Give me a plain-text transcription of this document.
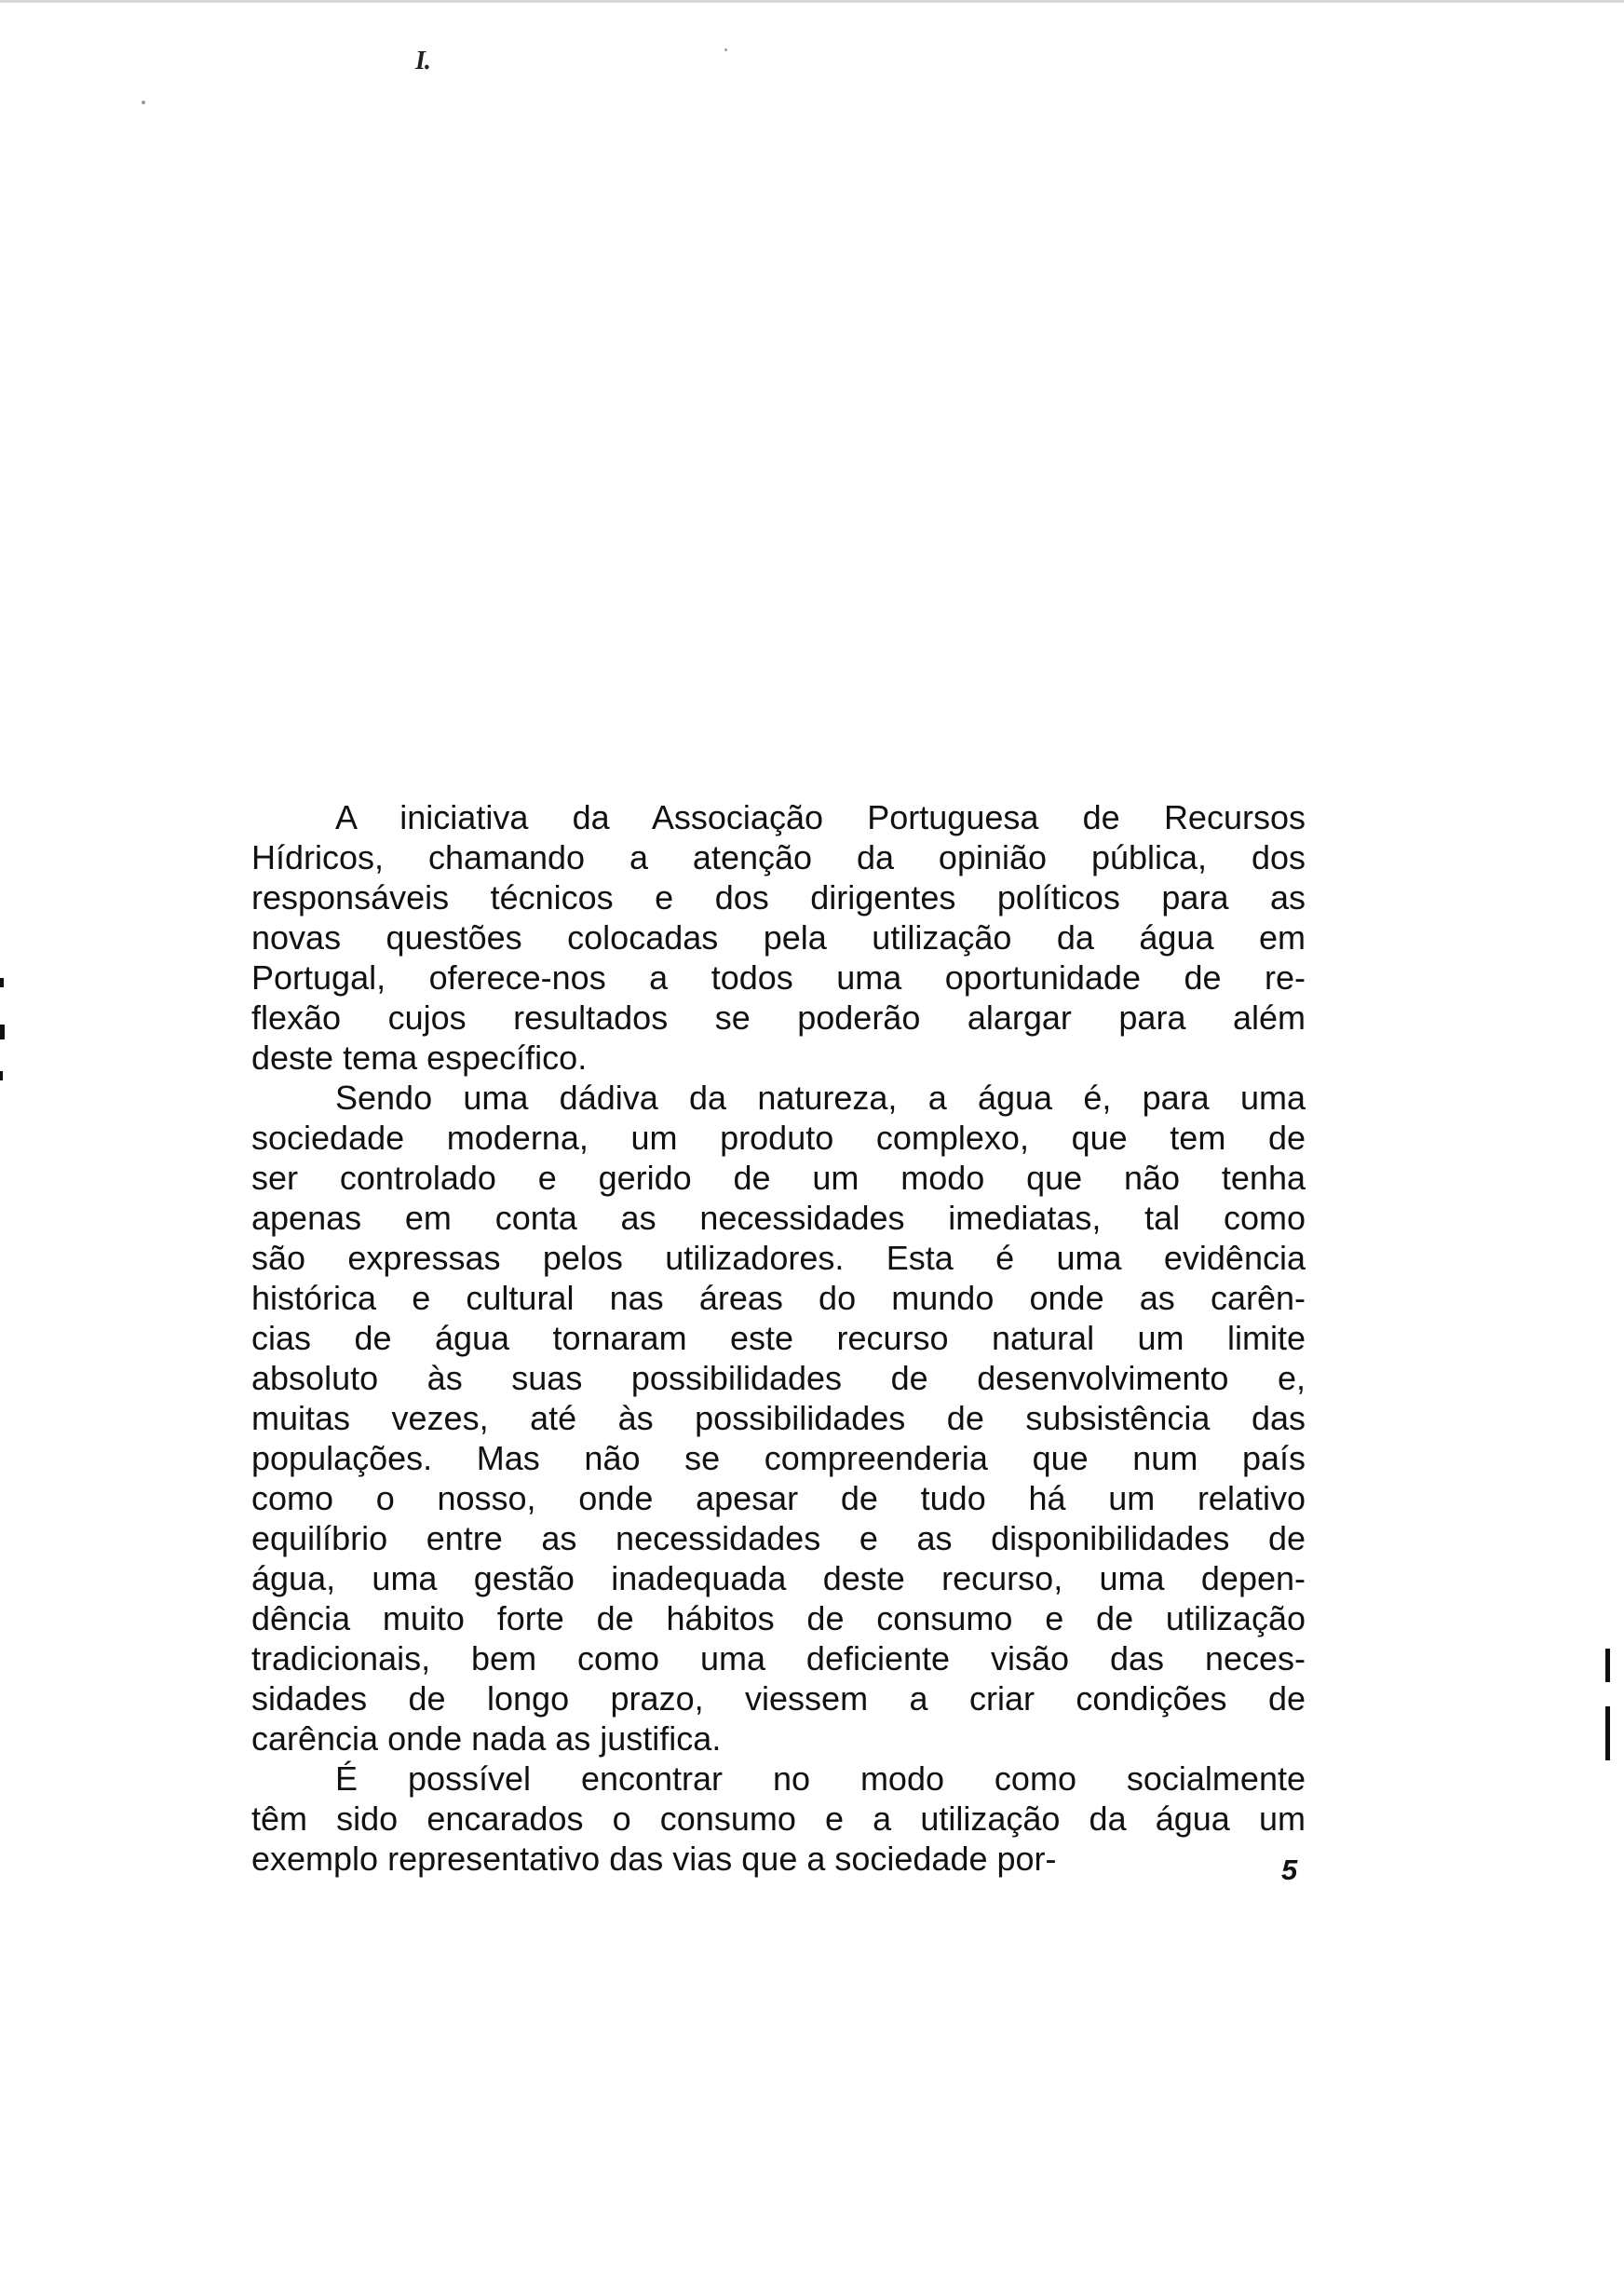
I.
A iniciativa da Associação Portuguesa de Recursos
Hídricos, chamando a atenção da opinião pública, dos
responsáveis técnicos e dos dirigentes políticos para as
novas questões colocadas pela utilização da água em
Portugal, oferece-nos a todos uma oportunidade de re-
flexão cujos resultados se poderão alargar para além
deste tema específico.
Sendo uma dádiva da natureza, a água é, para uma
sociedade moderna, um produto complexo, que tem de
ser controlado e gerido de um modo que não tenha
apenas em conta as necessidades imediatas, tal como
são expressas pelos utilizadores. Esta é uma evidência
histórica e cultural nas áreas do mundo onde as carên-
cias de água tornaram este recurso natural um limite
absoluto às suas possibilidades de desenvolvimento e,
muitas vezes, até às possibilidades de subsistência das
populações. Mas não se compreenderia que num país
como o nosso, onde apesar de tudo há um relativo
equilíbrio entre as necessidades e as disponibilidades de
água, uma gestão inadequada deste recurso, uma depen-
dência muito forte de hábitos de consumo e de utilização
tradicionais, bem como uma deficiente visão das neces-
sidades de longo prazo, viessem a criar condições de
carência onde nada as justifica.
É possível encontrar no modo como socialmente
têm sido encarados o consumo e a utilização da água um
exemplo representativo das vias que a sociedade por-	5
